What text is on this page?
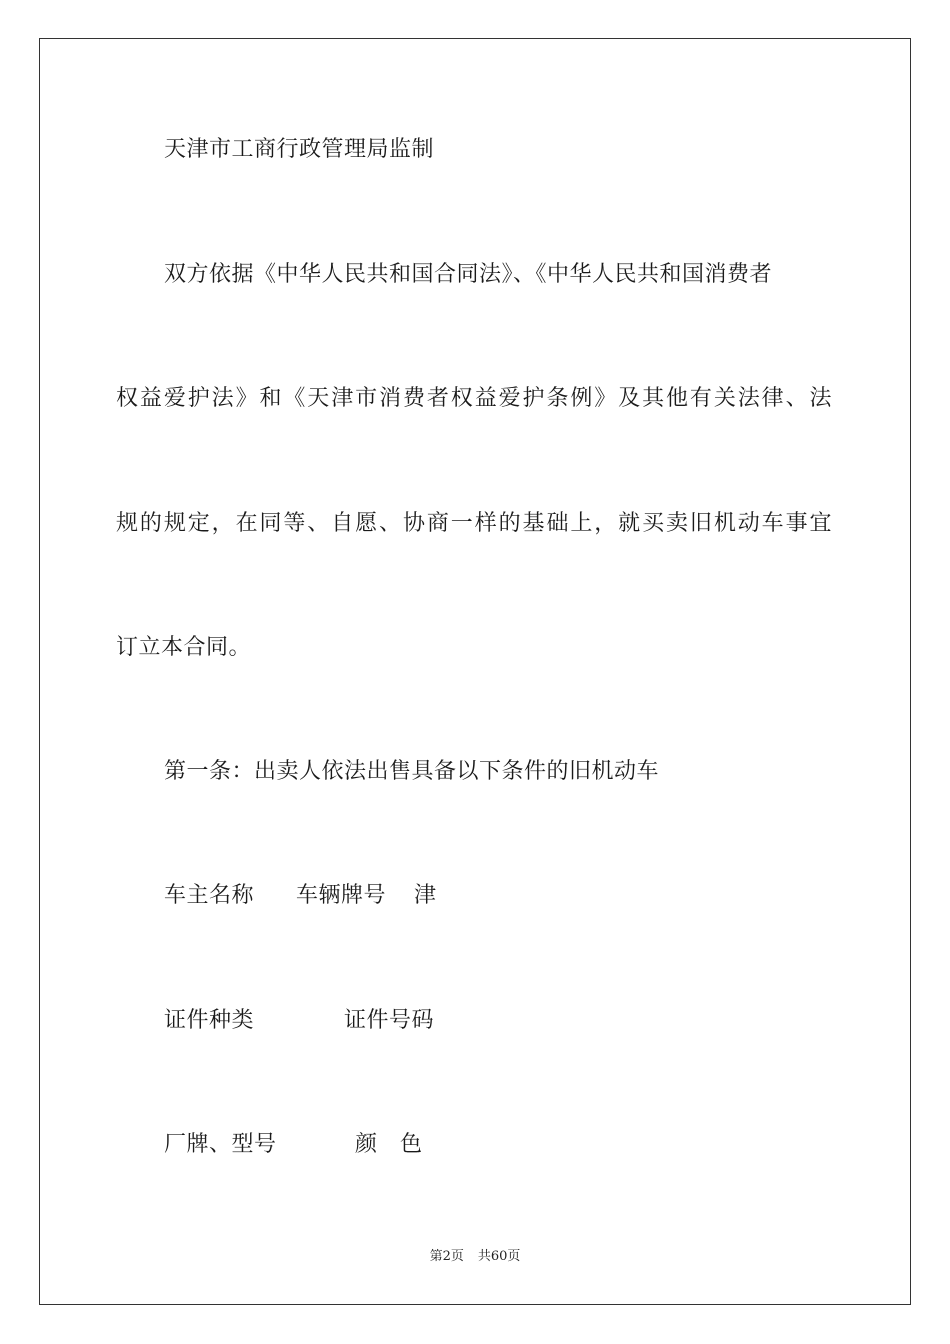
天津市工商行政管理局监制
双方依据《中华人民共和国合同法》、《中华人民共和国消费者
权益爱护法》和《天津市消费者权益爱护条例》及其他有关法律、法
规的规定，在同等、自愿、协商一样的基础上，就买卖旧机动车事宜
订立本合同。
第一条：出卖人依法出售具备以下条件的旧机动车
车主名称 车辆牌号 津
证件种类	证件号码
厂牌、型号	颜　色
第2页 共60页
